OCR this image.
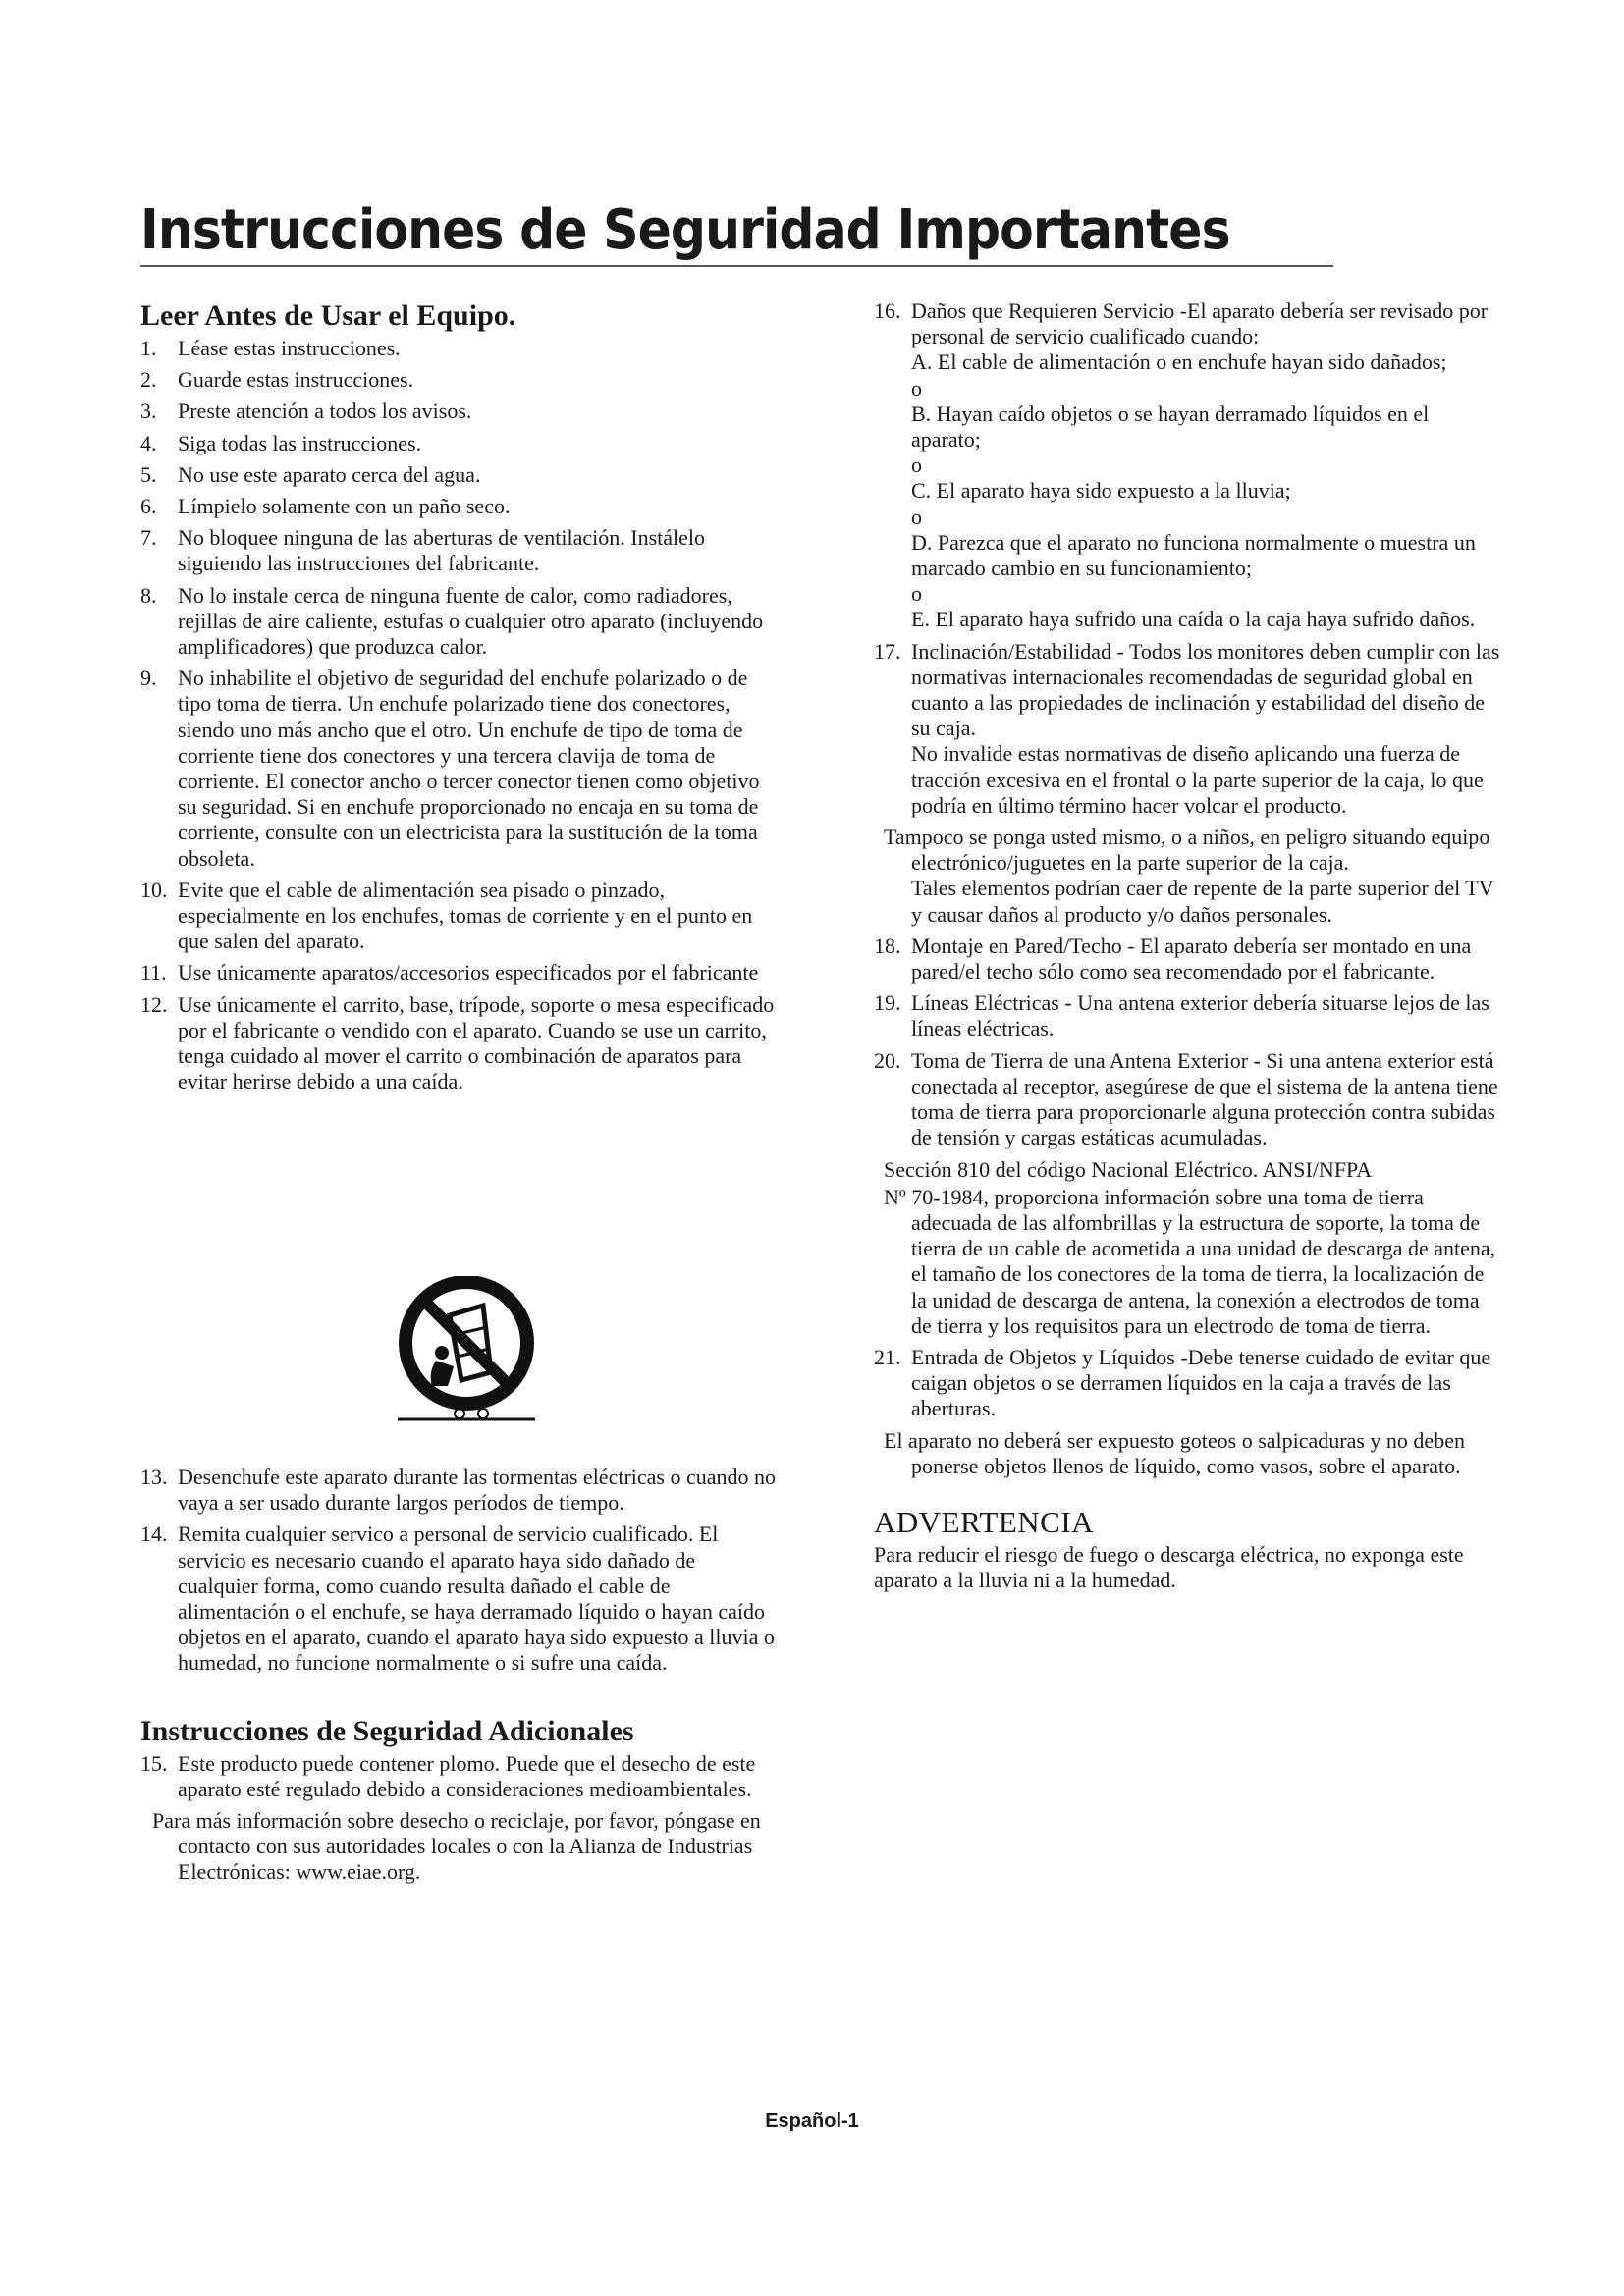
Instrucciones de Seguridad Importantes
Leer Antes de Usar el Equipo.
1. Léase estas instrucciones.
2. Guarde estas instrucciones.
3. Preste atención a todos los avisos.
4. Siga todas las instrucciones.
5. No use este aparato cerca del agua.
6. Límpielo solamente con un paño seco.
7. No bloquee ninguna de las aberturas de ventilación. Instálelo siguiendo las instrucciones del fabricante.
8. No lo instale cerca de ninguna fuente de calor, como radiadores, rejillas de aire caliente, estufas o cualquier otro aparato (incluyendo amplificadores) que produzca calor.
9. No inhabilite el objetivo de seguridad del enchufe polarizado o de tipo toma de tierra. Un enchufe polarizado tiene dos conectores, siendo uno más ancho que el otro. Un enchufe de tipo de toma de corriente tiene dos conectores y una tercera clavija de toma de corriente. El conector ancho o tercer conector tienen como objetivo su seguridad. Si en enchufe proporcionado no encaja en su toma de corriente, consulte con un electricista para la sustitución de la toma obsoleta.
10. Evite que el cable de alimentación sea pisado o pinzado, especialmente en los enchufes, tomas de corriente y en el punto en que salen del aparato.
11. Use únicamente aparatos/accesorios especificados por el fabricante
12. Use únicamente el carrito, base, trípode, soporte o mesa especificado por el fabricante o vendido con el aparato. Cuando se use un carrito, tenga cuidado al mover el carrito o combinación de aparatos para evitar herirse debido a una caída.
13. Desenchufe este aparato durante las tormentas eléctricas o cuando no vaya a ser usado durante largos períodos de tiempo.
14. Remita cualquier servico a personal de servicio cualificado. El servicio es necesario cuando el aparato haya sido dañado de cualquier forma, como cuando resulta dañado el cable de alimentación o el enchufe, se haya derramado líquido o hayan caído objetos en el aparato, cuando el aparato haya sido expuesto a lluvia o humedad, no funcione normalmente o si sufre una caída.
Instrucciones de Seguridad Adicionales
15. Este producto puede contener plomo. Puede que el desecho de este aparato esté regulado debido a consideraciones medioambientales.
Para más información sobre desecho o reciclaje, por favor, póngase en contacto con sus autoridades locales o con la Alianza de Industrias Electrónicas: www.eiae.org.
16. Daños que Requieren Servicio -El aparato debería ser revisado por personal de servicio cualificado cuando:
A. El cable de alimentación o en enchufe hayan sido dañados;
o
B. Hayan caído objetos o se hayan derramado líquidos en el aparato;
o
C. El aparato haya sido expuesto a la lluvia;
o
D. Parezca que el aparato no funciona normalmente o muestra un marcado cambio en su funcionamiento;
o
E. El aparato haya sufrido una caída o la caja haya sufrido daños.
17. Inclinación/Estabilidad - Todos los monitores deben cumplir con las normativas internacionales recomendadas de seguridad global en cuanto a las propiedades de inclinación y estabilidad del diseño de su caja.
No invalide estas normativas de diseño aplicando una fuerza de tracción excesiva en el frontal o la parte superior de la caja, lo que podría en último término hacer volcar el producto.
Tampoco se ponga usted mismo, o a niños, en peligro situando equipo electrónico/juguetes en la parte superior de la caja.
Tales elementos podrían caer de repente de la parte superior del TV y causar daños al producto y/o daños personales.
18. Montaje en Pared/Techo - El aparato debería ser montado en una pared/el techo sólo como sea recomendado por el fabricante.
19. Líneas Eléctricas - Una antena exterior debería situarse lejos de las líneas eléctricas.
20. Toma de Tierra de una Antena Exterior - Si una antena exterior está conectada al receptor, asegúrese de que el sistema de la antena tiene toma de tierra para proporcionarle alguna protección contra subidas de tensión y cargas estáticas acumuladas.
Sección 810 del código Nacional Eléctrico. ANSI/NFPA
Nº 70-1984, proporciona información sobre una toma de tierra adecuada de las alfombrillas y la estructura de soporte, la toma de tierra de un cable de acometida a una unidad de descarga de antena, el tamaño de los conectores de la toma de tierra, la localización de la unidad de descarga de antena, la conexión a electrodos de toma de tierra y los requisitos para un electrodo de toma de tierra.
21. Entrada de Objetos y Líquidos -Debe tenerse cuidado de evitar que caigan objetos o se derramen líquidos en la caja a través de las aberturas.
El aparato no deberá ser expuesto goteos o salpicaduras y no deben ponerse objetos llenos de líquido, como vasos, sobre el aparato.
ADVERTENCIA

Para reducir el riesgo de fuego o descarga eléctrica, no exponga este aparato a la lluvia ni a la humedad.

Español-1
